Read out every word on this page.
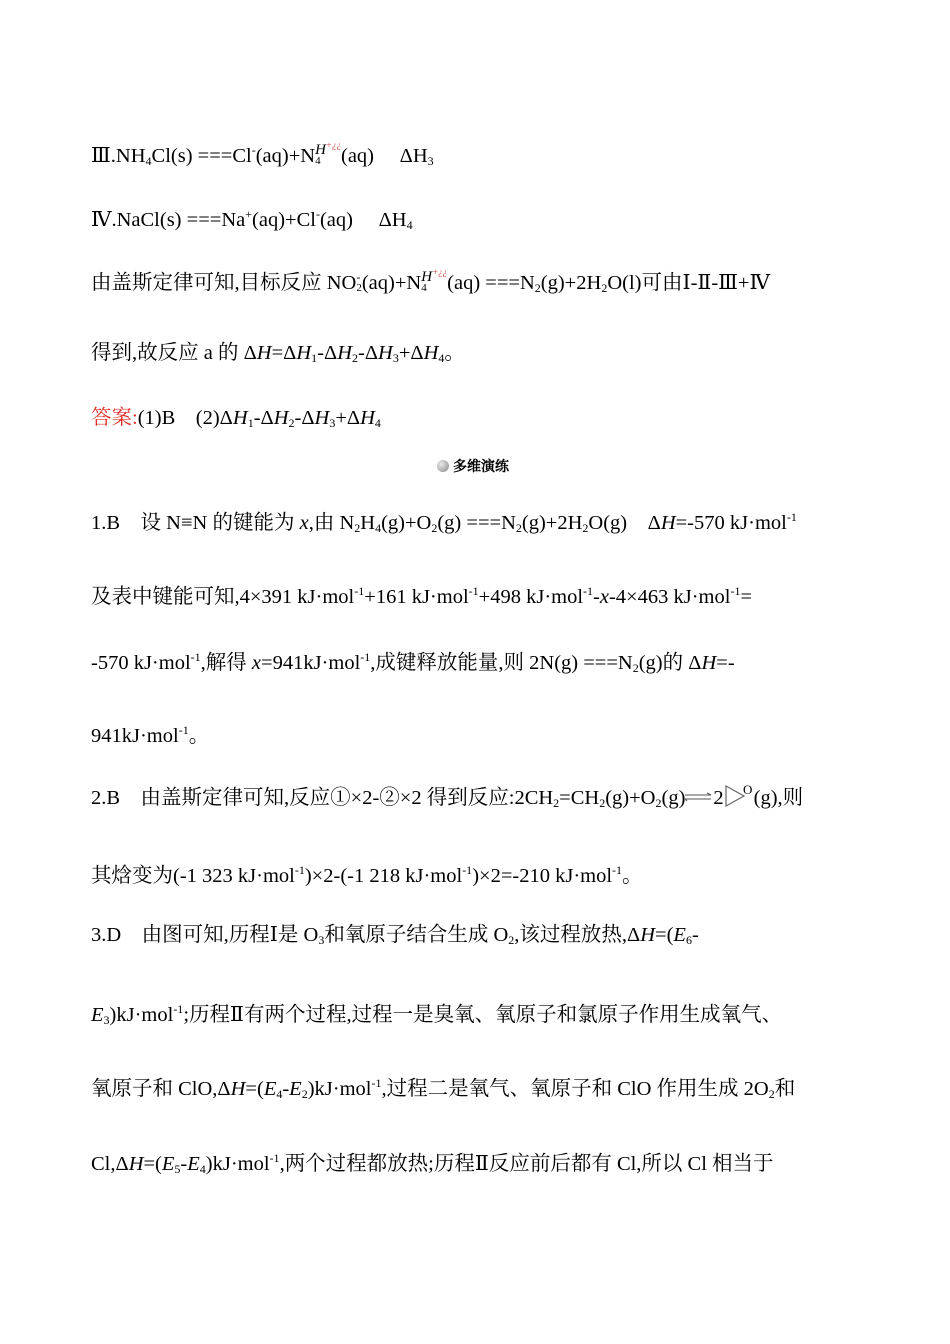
$Ⅲ.NH_4Cl(s) ===Cl^-(aq)+N$ H+¿¿
4 (aq) $\Delta H_3$
Ⅳ.NaCl(s) ===Na+(aq)+Cl-(aq) $\Delta H_4$
由盖斯定律可知,目标反应 NO -
2 (aq)+N H+¿¿
4 $(aq) ===N_2(g)+2H_2O(l)$可由Ⅰ-Ⅱ-Ⅲ+Ⅳ
得到,故反应 a 的 $\Delta H=\Delta H_1-\Delta H_2-\Delta H_3+\Delta H_4$。
答案:(1)B　$(2)\Delta H_1-\Delta H_2-\Delta H_3+\Delta H_4$
多维演练
1.B　设 N≡N 的键能为 x,由 $N_2H_4(g)+O_2(g) ===N_2(g)+2H_2O(g)$　ΔH=-570 kJ·mol$^{-1}$
及表中键能可知,4×391 kJ·mol$^{-1}$+161 kJ·mol$^{-1}$+498 kJ·mol$^{-1}$-x-4×463 kJ·mol$^{-1}$=
-570 kJ·mol$^{-1}$,解得 x=941kJ·mol$^{-1}$,成键释放能量,则 $2N(g) ===N_2(g)$的 ΔH=-
941kJ·mol$^{-1}$。
2.B　由盖斯定律可知,反应①×2-②×2 得到反应$:2CH_2=CH_2(g)+O_2(g)\rightleftharpoons 2$ O (g),则
其焓变为(-1 323 kJ·mol$^{-1}$)×2-(-1 218 kJ·mol$^{-1}$)×2=-210 kJ·mol$^{-1}$。
3.D　由图可知,历程Ⅰ是 $O_3$和氧原子结合生成 $O_2$,该过程放热$,\Delta H=(E_6-$
$E_3)kJ\cdot mol^{-1}$;历程Ⅱ有两个过程,过程一是臭氧、氧原子和氯原子作用生成氧气、
氧原子和 $ClO,\Delta H=(E_4-E_2)kJ\cdot mol^{-1}$,过程二是氧气、氧原子和 ClO 作用生成 $2O_2$和
$Cl,\Delta H=(E_5-E_4)kJ\cdot mol^{-1}$,两个过程都放热;历程Ⅱ反应前后都有 Cl,所以 Cl 相当于
